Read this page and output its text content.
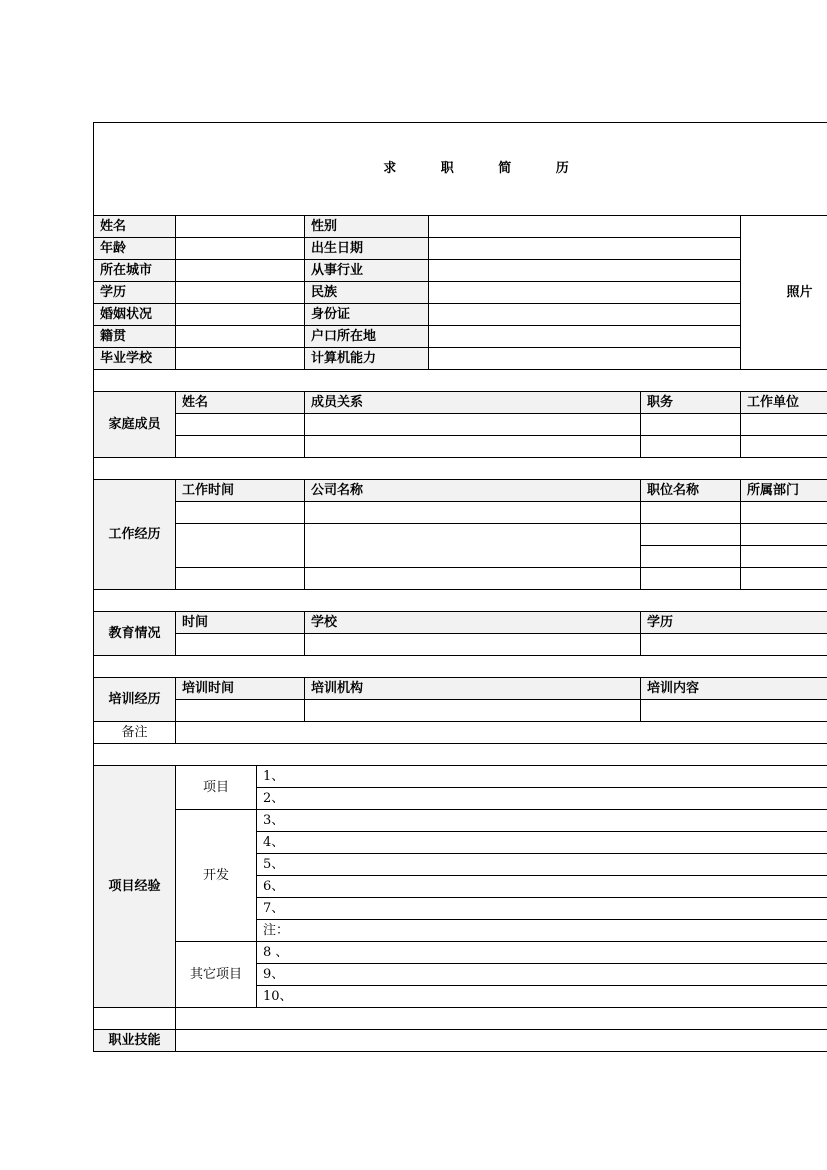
求 职 简 历						
姓名			性别			照片
年龄			出生日期			
所在城市			从事行业			
学历			民族			
婚姻状况			身份证			
籍贯			户口所在地			
毕业学校			计算机能力			

家庭成员	姓名		成员关系		职务	工作单位

工作经历	工作时间		公司名称		职位名称	所属部门

教育情况	时间		学校		学历	

培训经历	培训时间		培训机构		培训内容	

备注						

项目经验	项目	1、				
		2、				
	开发	3、				
		4、				
		5、				
		6、				
		7、				
		注：				
	其它项目	8 、				
		9、				
		10、				

职业技能						
